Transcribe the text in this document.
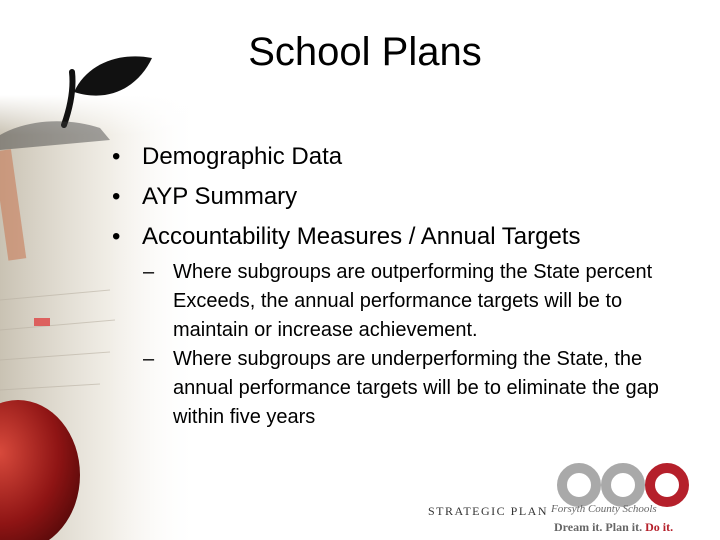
School Plans
• Demographic Data
• AYP Summary
• Accountability Measures / Annual Targets
– Where subgroups are outperforming the State percent Exceeds, the annual performance targets will be to maintain or increase achievement.
– Where subgroups are underperforming the State, the annual performance targets will be to eliminate the gap within five years
STRATEGIC PLAN Forsyth County Schools
Dream it. Plan it. Do it.
